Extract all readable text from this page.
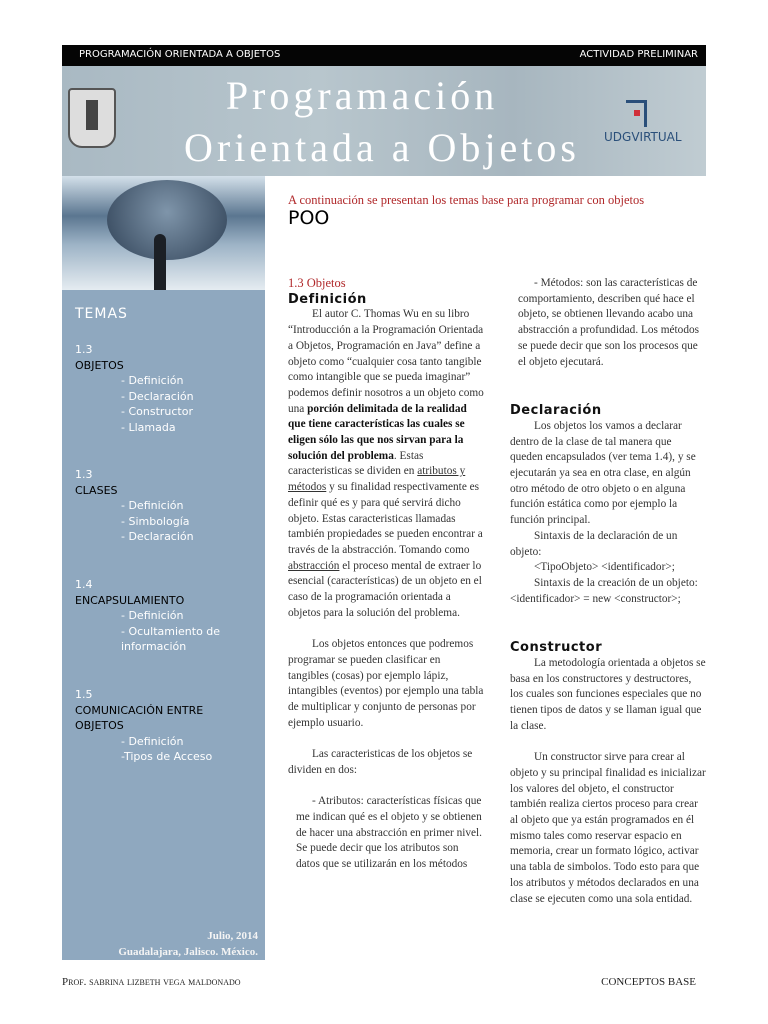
PROGRAMACIÓN ORIENTADA A OBJETOS	ACTIVIDAD PRELIMINAR
Programación
Orientada a Objetos	UDGVIRTUAL
TEMAS
1.3
OBJETOS
- Definición
- Declaración
- Constructor
- Llamada
1.3
CLASES
- Definición
- Simbología
- Declaración
1.4
ENCAPSULAMIENTO
- Definición
- Ocultamiento de información
1.5
COMUNICACIÓN ENTRE OBJETOS
- Definición
-Tipos de Acceso
Julio, 2014
Guadalajara, Jalisco. México.
A continuación se presentan los temas base para programar con objetos
POO
1.3 Objetos
Definición

El autor C. Thomas Wu en su libro “Introducción a la Programación Orientada a Objetos, Programación en Java” define a objeto como “cualquier cosa tanto tangible como intangible que se pueda imaginar” podemos definir nosotros a un objeto como una porción delimitada de la realidad que tiene características las cuales se eligen sólo las que nos sirvan para la solución del problema. Estas caracteristicas se dividen en atributos y métodos y su finalidad respectivamente es definir qué es y para qué servirá dicho objeto. Estas caracteristicas llamadas también propiedades se pueden encontrar a través de la abstracción. Tomando como abstracción el proceso mental de extraer lo esencial (características) de un objeto en el caso de la programación orientada a objetos para la solución del problema.

Los objetos entonces que podremos programar se pueden clasificar en tangibles (cosas) por ejemplo lápiz, intangibles (eventos) por ejemplo una tabla de multiplicar y conjunto de personas por ejemplo usuario.

Las caracteristicas de los objetos se dividen en dos:

- Atributos: características físicas que me indican qué es el objeto y se obtienen de hacer una abstracción en primer nivel. Se puede decir que los atributos son datos que se utilizarán en los métodos

- Métodos: son las características de comportamiento, describen qué hace el objeto, se obtienen llevando acabo una abstracción a profundidad. Los métodos se puede decir que son los procesos que el objeto ejecutará.

Declaración

Los objetos los vamos a declarar dentro de la clase de tal manera que queden encapsulados (ver tema 1.4), y se ejecutarán ya sea en otra clase, en algún otro método de otro objeto o en alguna función estática como por ejemplo la función principal.

Sintaxis de la declaración de un objeto:

<TipoObjeto> <identificador>;

Sintaxis de la creación de un objeto:

<identificador> = new <constructor>;

Constructor

La metodología orientada a objetos se basa en los constructores y destructores, los cuales son funciones especiales que no tienen tipos de datos y se llaman igual que la clase.

Un constructor sirve para crear al objeto y su principal finalidad es inicializar los valores del objeto, el constructor también realiza ciertos proceso para crear al objeto que ya están programados en él mismo tales como reservar espacio en memoria, crear un formato lógico, activar una tabla de simbolos. Todo esto para que los atributos y métodos declarados en una clase se ejecuten como una sola entidad.

Prof. sabrina lizbeth vega maldonado	CONCEPTOS BASE
